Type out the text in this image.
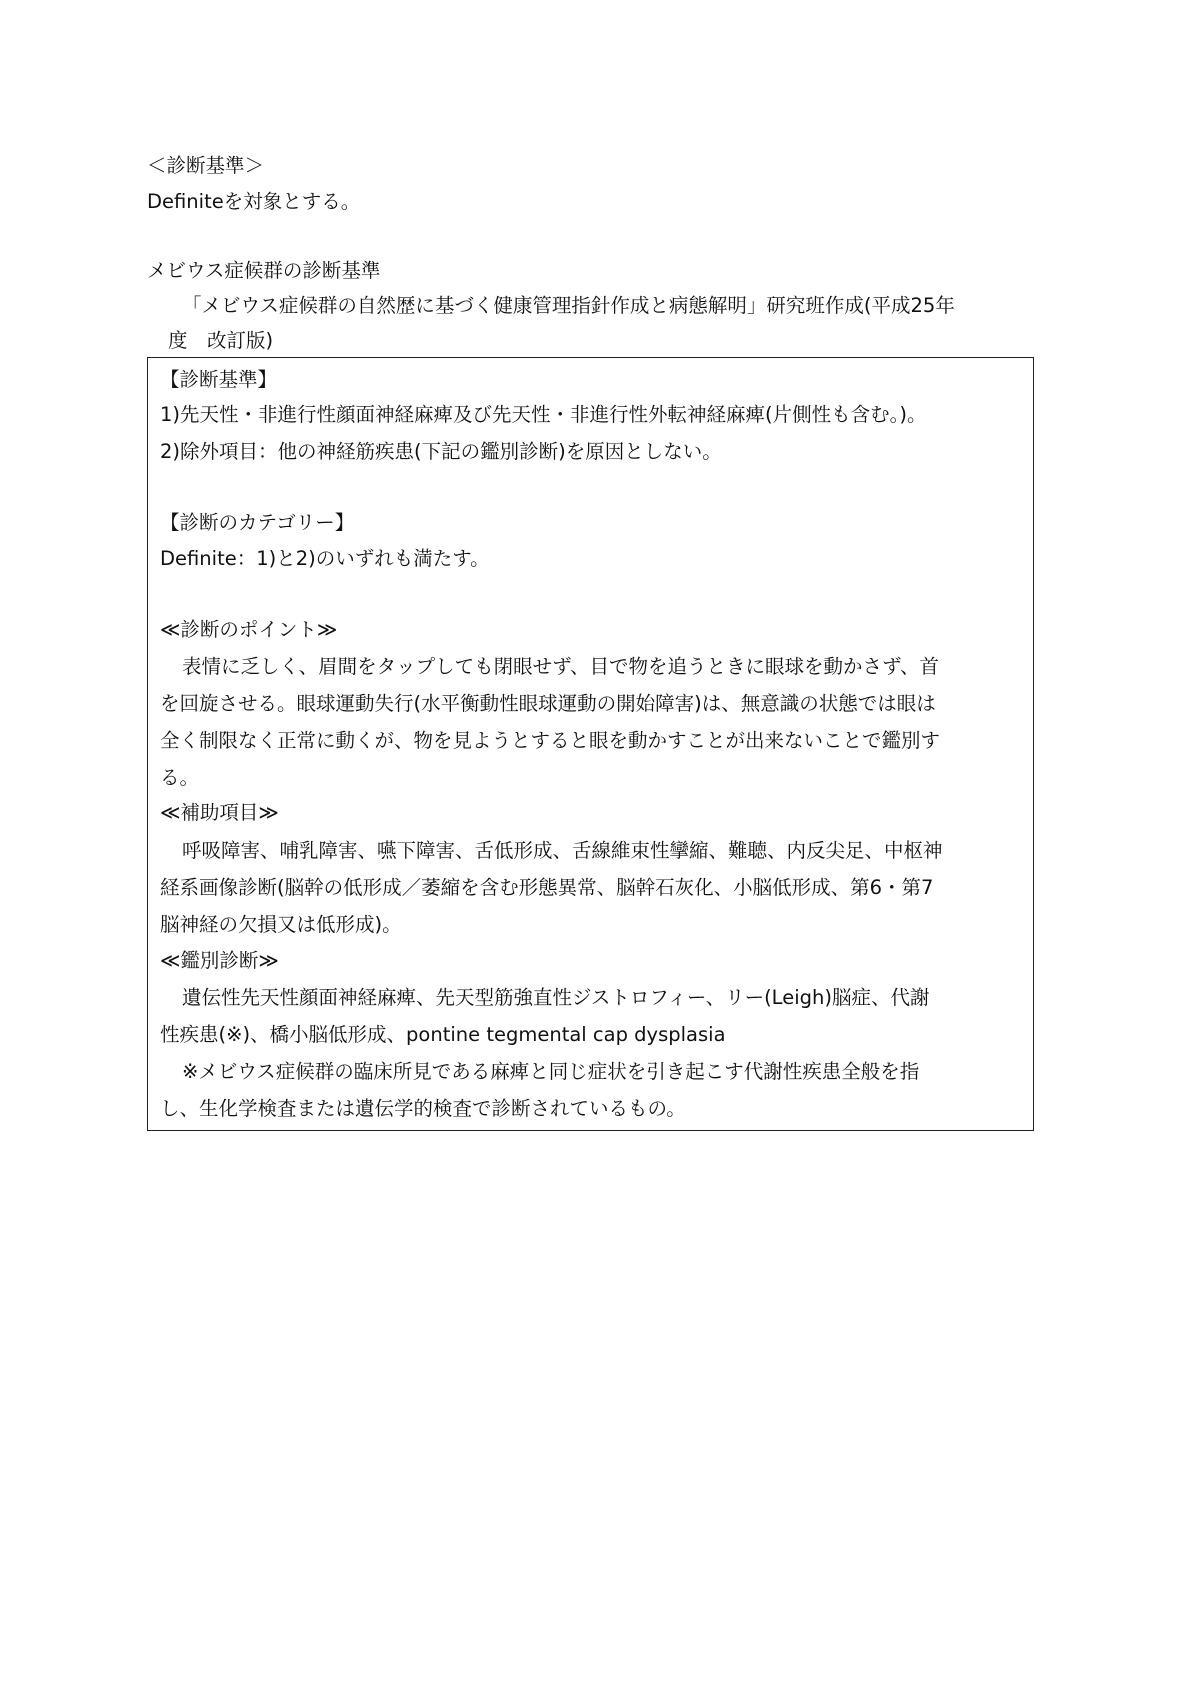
＜診断基準＞
Definiteを対象とする。
メビウス症候群の診断基準
「メビウス症候群の自然歴に基づく健康管理指針作成と病態解明」研究班作成(平成25年
度　改訂版)
【診断基準】
1)先天性・非進行性顔面神経麻痺及び先天性・非進行性外転神経麻痺(片側性も含む。)。
2)除外項目：他の神経筋疾患(下記の鑑別診断)を原因としない。
【診断のカテゴリー】
Definite：1)と2)のいずれも満たす。
≪診断のポイント≫
表情に乏しく、眉間をタップしても閉眼せず、目で物を追うときに眼球を動かさず、首
を回旋させる。眼球運動失行(水平衡動性眼球運動の開始障害)は、無意識の状態では眼は
全く制限なく正常に動くが、物を見ようとすると眼を動かすことが出来ないことで鑑別す
る。
≪補助項目≫
呼吸障害、哺乳障害、嚥下障害、舌低形成、舌線維束性攣縮、難聴、内反尖足、中枢神
経系画像診断(脳幹の低形成／萎縮を含む形態異常、脳幹石灰化、小脳低形成、第6・第7
脳神経の欠損又は低形成)。
≪鑑別診断≫
遺伝性先天性顔面神経麻痺、先天型筋強直性ジストロフィー、リー(Leigh)脳症、代謝
性疾患(※)、橋小脳低形成、pontine tegmental cap dysplasia
※メビウス症候群の臨床所見である麻痺と同じ症状を引き起こす代謝性疾患全般を指
し、生化学検査または遺伝学的検査で診断されているもの。
